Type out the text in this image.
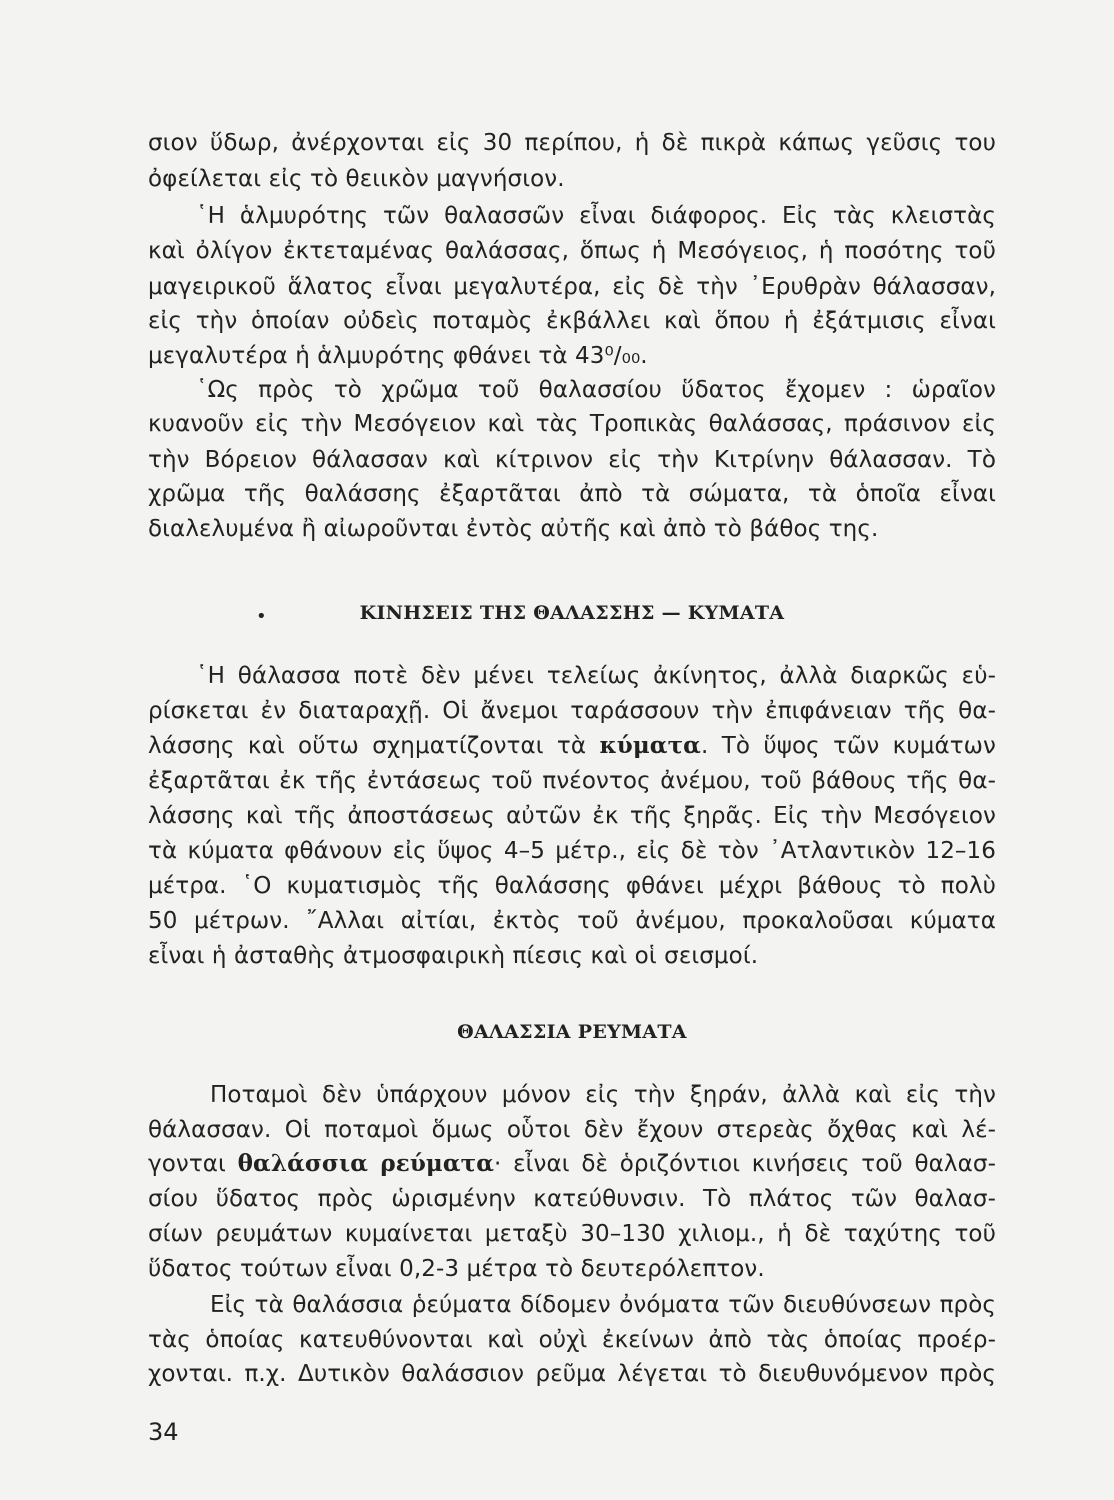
σιον ὕδωρ, ἀνέρχονται εἰς 30 περίπου, ἡ δὲ πικρὰ κάπως γεῦσις του
ὀφείλεται εἰς τὸ θειικὸν μαγνήσιον.
῾Η ἁλμυρότης τῶν θαλασσῶν εἶναι διάφορος. Εἰς τὰς κλειστὰς
καὶ ὀλίγον ἐκτεταμένας θαλάσσας, ὅπως ἡ Μεσόγειος, ἡ ποσότης τοῦ
μαγειρικοῦ ἅλατος εἶναι μεγαλυτέρα, εἰς δὲ τὴν ᾿Ερυθρὰν θάλασσαν,
εἰς τὴν ὁποίαν οὐδεὶς ποταμὸς ἐκβάλλει καὶ ὅπου ἡ ἐξάτμισις εἶναι
μεγαλυτέρα ἡ ἁλμυρότης φθάνει τὰ 43⁰/₀₀.
῾Ως πρὸς τὸ χρῶμα τοῦ θαλασσίου ὕδατος ἔχομεν : ὡραῖον
κυανοῦν εἰς τὴν Μεσόγειον καὶ τὰς Τροπικὰς θαλάσσας, πράσινον εἰς
τὴν Βόρειον θάλασσαν καὶ κίτρινον εἰς τὴν Κιτρίνην θάλασσαν. Τὸ
χρῶμα τῆς θαλάσσης ἐξαρτᾶται ἀπὸ τὰ σώματα, τὰ ὁποῖα εἶναι
διαλελυμένα ἢ αἰωροῦνται ἐντὸς αὐτῆς καὶ ἀπὸ τὸ βάθος της.
•	ΚΙΝΗΣΕΙΣ ΤΗΣ ΘΑΛΑΣΣΗΣ — ΚΥΜΑΤΑ
῾Η θάλασσα ποτὲ δὲν μένει τελείως ἀκίνητος, ἀλλὰ διαρκῶς εὑ-
ρίσκεται ἐν διαταραχῇ. Οἱ ἄνεμοι ταράσσουν τὴν ἐπιφάνειαν τῆς θα-
λάσσης καὶ οὕτω σχηματίζονται τὰ κύματα. Τὸ ὕψος τῶν κυμάτων
ἐξαρτᾶται ἐκ τῆς ἐντάσεως τοῦ πνέοντος ἀνέμου, τοῦ βάθους τῆς θα-
λάσσης καὶ τῆς ἀποστάσεως αὐτῶν ἐκ τῆς ξηρᾶς. Εἰς τὴν Μεσόγειον
τὰ κύματα φθάνουν εἰς ὕψος 4–5 μέτρ., εἰς δὲ τὸν ᾿Ατλαντικὸν 12–16
μέτρα. ῾Ο κυματισμὸς τῆς θαλάσσης φθάνει μέχρι βάθους τὸ πολὺ
50 μέτρων. ῎Αλλαι αἰτίαι, ἐκτὸς τοῦ ἀνέμου, προκαλοῦσαι κύματα
εἶναι ἡ ἀσταθὴς ἀτμοσφαιρικὴ πίεσις καὶ οἱ σεισμοί.
ΘΑΛΑΣΣΙΑ ΡΕΥΜΑΤΑ
Ποταμοὶ δὲν ὑπάρχουν μόνον εἰς τὴν ξηράν, ἀλλὰ καὶ εἰς τὴν
θάλασσαν. Οἱ ποταμοὶ ὅμως οὗτοι δὲν ἔχουν στερεὰς ὄχθας καὶ λέ-
γονται θαλάσσια ρεύματα· εἶναι δὲ ὁριζόντιοι κινήσεις τοῦ θαλασ-
σίου ὕδατος πρὸς ὡρισμένην κατεύθυνσιν. Τὸ πλάτος τῶν θαλασ-
σίων ρευμάτων κυμαίνεται μεταξὺ 30–130 χιλιομ., ἡ δὲ ταχύτης τοῦ
ὕδατος τούτων εἶναι 0,2-3 μέτρα τὸ δευτερόλεπτον.
Εἰς τὰ θαλάσσια ῥεύματα δίδομεν ὀνόματα τῶν διευθύνσεων πρὸς
τὰς ὁποίας κατευθύνονται καὶ οὐχὶ ἐκείνων ἀπὸ τὰς ὁποίας προέρ-
χονται. π.χ. Δυτικὸν θαλάσσιον ρεῦμα λέγεται τὸ διευθυνόμενον πρὸς
34
